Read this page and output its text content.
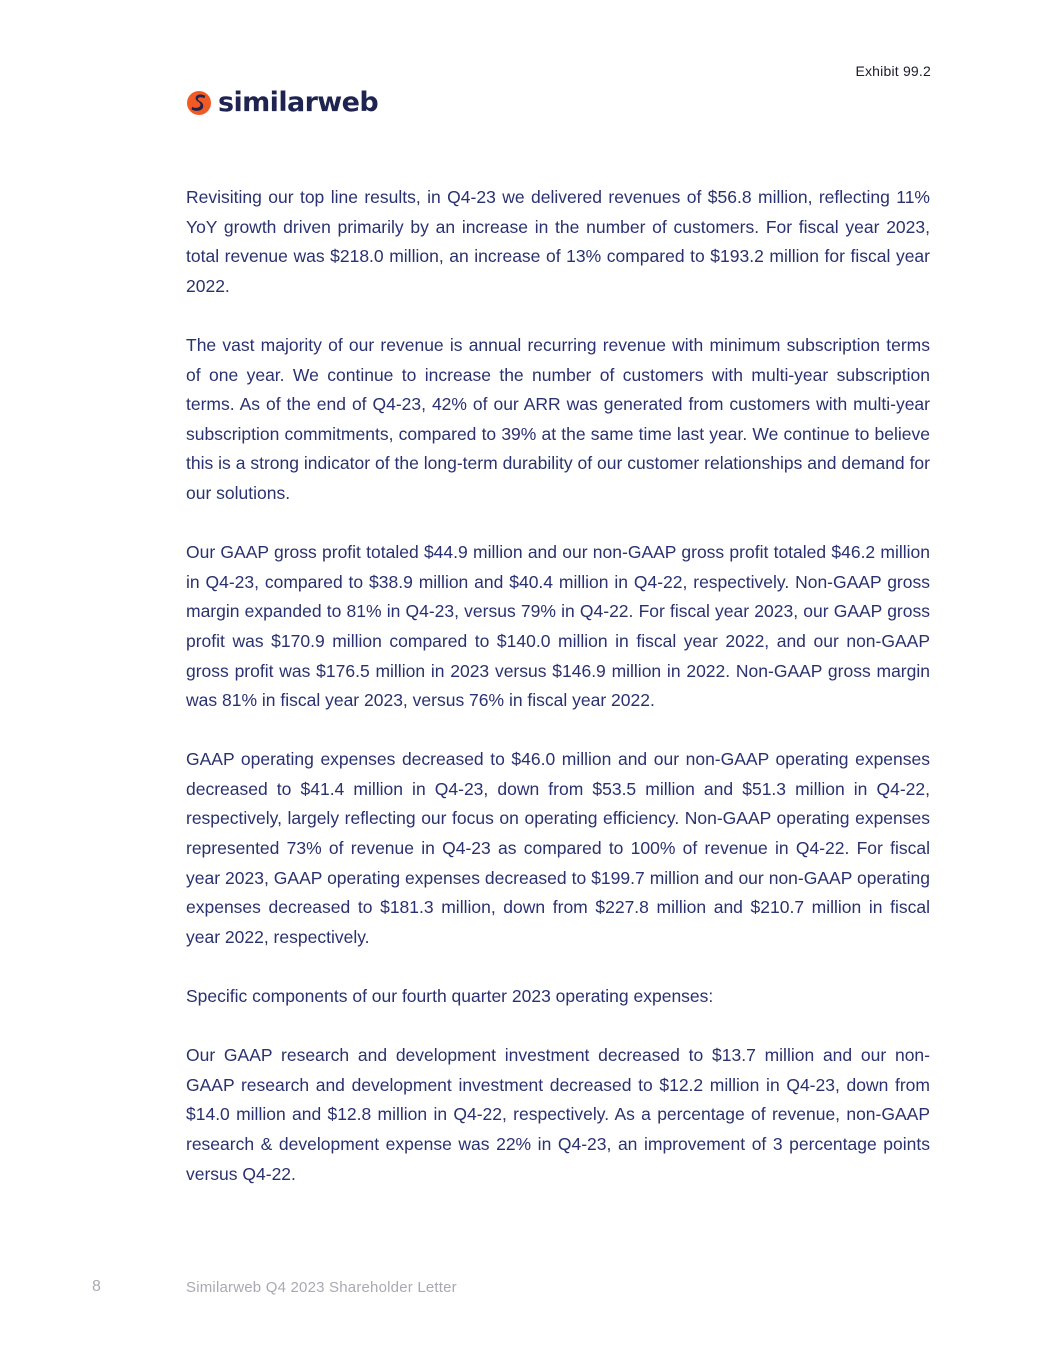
Exhibit 99.2
similarweb

Revisiting our top line results, in Q4-23 we delivered revenues of $56.8 million, reflecting 11% YoY growth driven primarily by an increase in the number of customers. For fiscal year 2023, total revenue was $218.0 million, an increase of 13% compared to $193.2 million for fiscal year 2022.

The vast majority of our revenue is annual recurring revenue with minimum subscription terms of one year. We continue to increase the number of customers with multi-year subscription terms. As of the end of Q4-23, 42% of our ARR was generated from customers with multi-year subscription commitments, compared to 39% at the same time last year. We continue to believe this is a strong indicator of the long-term durability of our customer relationships and demand for our solutions.

Our GAAP gross profit totaled $44.9 million and our non-GAAP gross profit totaled $46.2 million in Q4-23, compared to $38.9 million and $40.4 million in Q4-22, respectively. Non-GAAP gross margin expanded to 81% in Q4-23, versus 79% in Q4-22. For fiscal year 2023, our GAAP gross profit was $170.9 million compared to $140.0 million in fiscal year 2022, and our non-GAAP gross profit was $176.5 million in 2023 versus $146.9 million in 2022. Non-GAAP gross margin was 81% in fiscal year 2023, versus 76% in fiscal year 2022.

GAAP operating expenses decreased to $46.0 million and our non-GAAP operating expenses decreased to $41.4 million in Q4-23, down from $53.5 million and $51.3 million in Q4-22, respectively, largely reflecting our focus on operating efficiency. Non-GAAP operating expenses represented 73% of revenue in Q4-23 as compared to 100% of revenue in Q4-22. For fiscal year 2023, GAAP operating expenses decreased to $199.7 million and our non-GAAP operating expenses decreased to $181.3 million, down from $227.8 million and $210.7 million in fiscal year 2022, respectively.

Specific components of our fourth quarter 2023 operating expenses:

Our GAAP research and development investment decreased to $13.7 million and our non-GAAP research and development investment decreased to $12.2 million in Q4-23, down from $14.0 million and $12.8 million in Q4-22, respectively. As a percentage of revenue, non-GAAP research & development expense was 22% in Q4-23, an improvement of 3 percentage points versus Q4-22.

8	Similarweb Q4 2023 Shareholder Letter
